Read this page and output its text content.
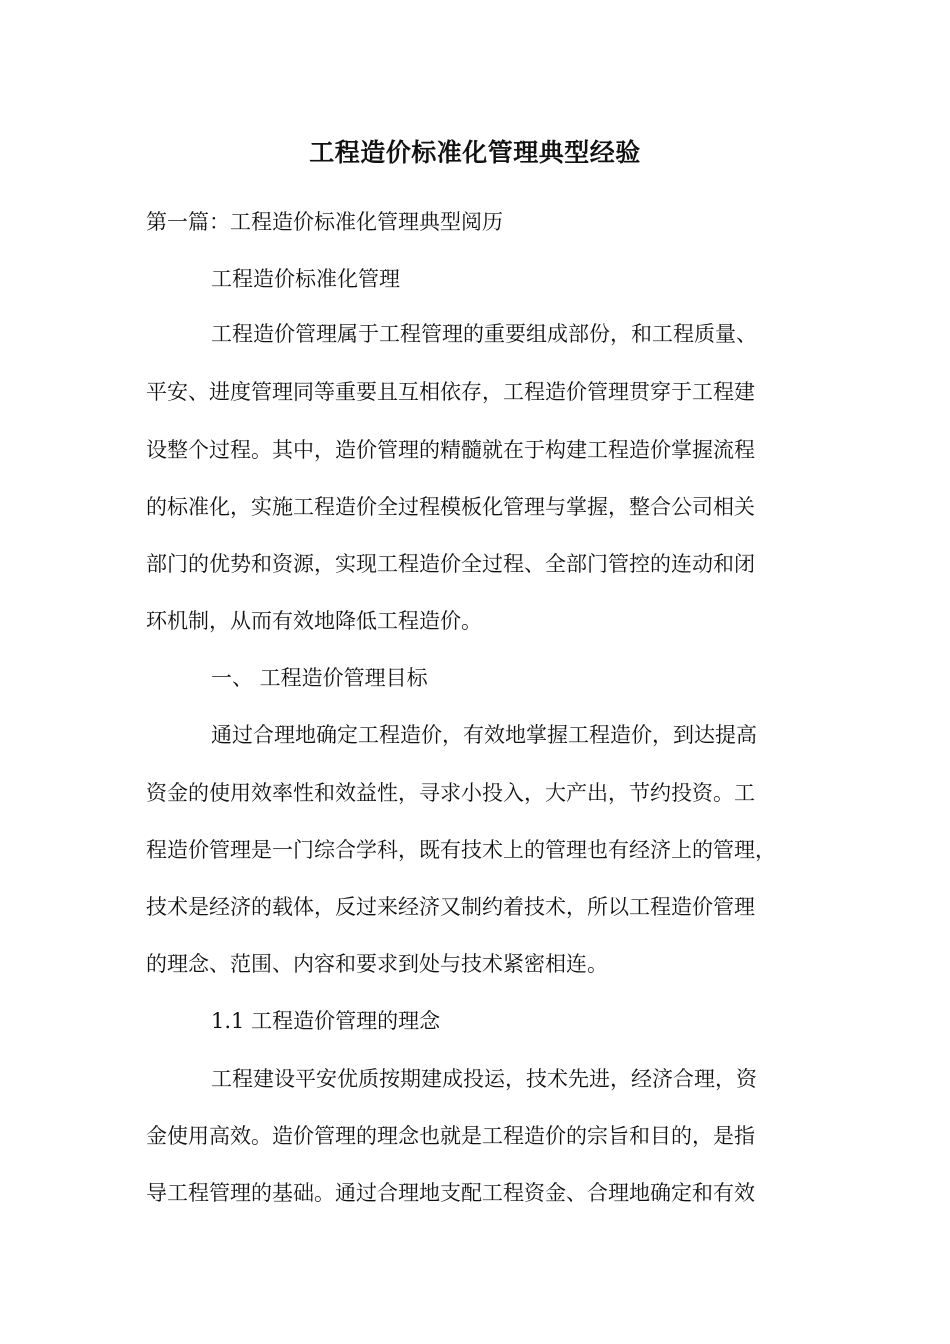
工程造价标准化管理典型经验
第一篇：工程造价标准化管理典型阅历
工程造价标准化管理
工程造价管理属于工程管理的重要组成部份，和工程质量、
平安、进度管理同等重要且互相依存，工程造价管理贯穿于工程建
设整个过程。其中，造价管理的精髓就在于构建工程造价掌握流程
的标准化，实施工程造价全过程模板化管理与掌握，整合公司相关
部门的优势和资源，实现工程造价全过程、全部门管控的连动和闭
环机制，从而有效地降低工程造价。
一、 工程造价管理目标
通过合理地确定工程造价，有效地掌握工程造价，到达提高
资金的使用效率性和效益性，寻求小投入，大产出，节约投资。工
程造价管理是一门综合学科，既有技术上的管理也有经济上的管理，
技术是经济的载体，反过来经济又制约着技术，所以工程造价管理
的理念、范围、内容和要求到处与技术紧密相连。
1.1 工程造价管理的理念
工程建设平安优质按期建成投运，技术先进，经济合理，资
金使用高效。造价管理的理念也就是工程造价的宗旨和目的，是指
导工程管理的基础。通过合理地支配工程资金、合理地确定和有效
